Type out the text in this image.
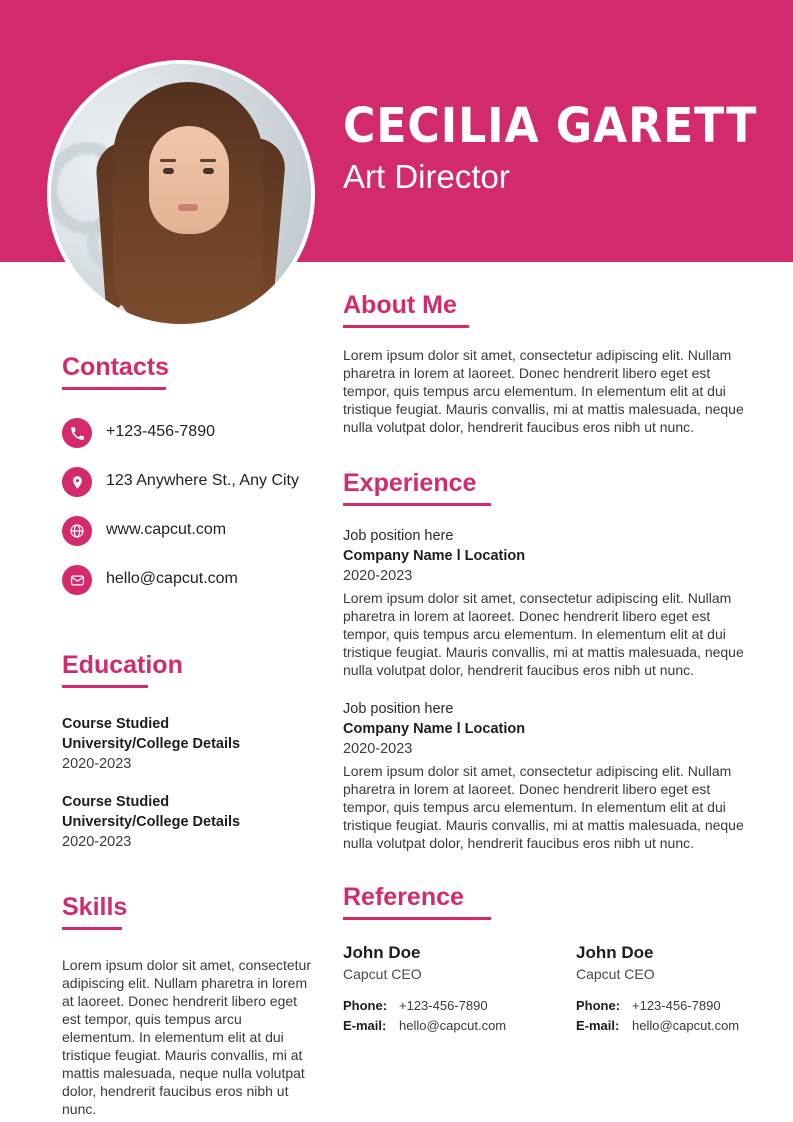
CECILIA GARETT
Art Director
Contacts
+123-456-7890
123 Anywhere St., Any City
www.capcut.com
hello@capcut.com
Education
Course Studied
University/College Details
2020-2023
Course Studied
University/College Details
2020-2023
Skills
Lorem ipsum dolor sit amet, consectetur adipiscing elit. Nullam pharetra in lorem at laoreet. Donec hendrerit libero eget est tempor, quis tempus arcu elementum. In elementum elit at dui tristique feugiat. Mauris convallis, mi at mattis malesuada, neque nulla volutpat dolor, hendrerit faucibus eros nibh ut nunc.
About Me
Lorem ipsum dolor sit amet, consectetur adipiscing elit. Nullam pharetra in lorem at laoreet. Donec hendrerit libero eget est tempor, quis tempus arcu elementum. In elementum elit at dui tristique feugiat. Mauris convallis, mi at mattis malesuada, neque nulla volutpat dolor, hendrerit faucibus eros nibh ut nunc.
Experience
Job position here
Company Name l Location
2020-2023
Lorem ipsum dolor sit amet, consectetur adipiscing elit. Nullam pharetra in lorem at laoreet. Donec hendrerit libero eget est tempor, quis tempus arcu elementum. In elementum elit at dui tristique feugiat. Mauris convallis, mi at mattis malesuada, neque nulla volutpat dolor, hendrerit faucibus eros nibh ut nunc.
Job position here
Company Name l Location
2020-2023
Lorem ipsum dolor sit amet, consectetur adipiscing elit. Nullam pharetra in lorem at laoreet. Donec hendrerit libero eget est tempor, quis tempus arcu elementum. In elementum elit at dui tristique feugiat. Mauris convallis, mi at mattis malesuada, neque nulla volutpat dolor, hendrerit faucibus eros nibh ut nunc.
Reference
John Doe
Capcut CEO
Phone: +123-456-7890
E-mail: hello@capcut.com
John Doe
Capcut CEO
Phone: +123-456-7890
E-mail: hello@capcut.com
